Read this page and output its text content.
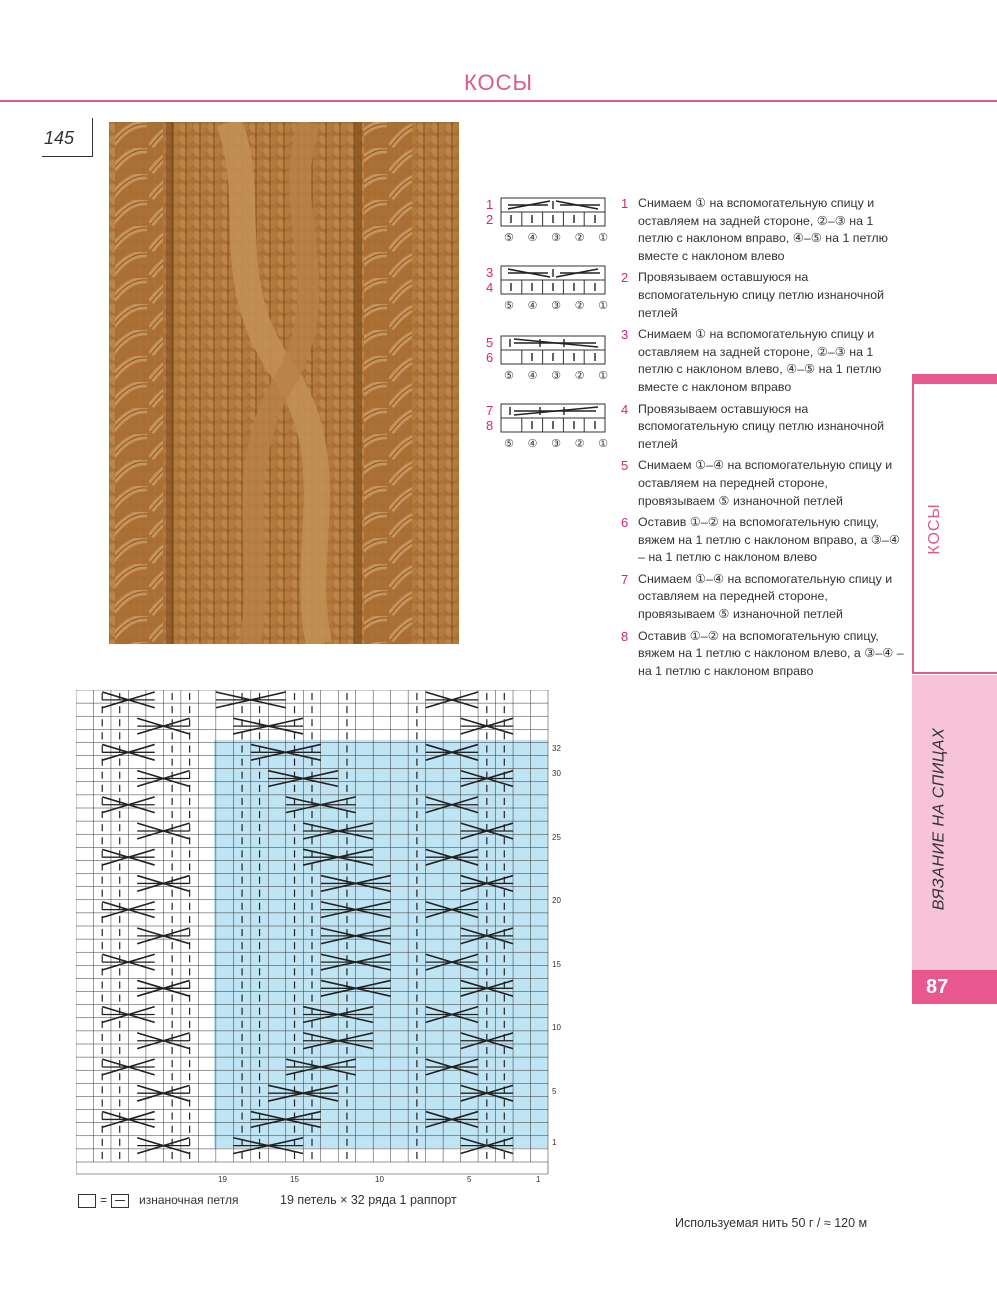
КОСЫ
145
1
2
⑤ ④ ③ ② ①
3
4
⑤ ④ ③ ② ①
5
6
⑤ ④ ③ ② ①
7
8
⑤ ④ ③ ② ①
1 Снимаем ① на вспомогательную спицу и оставляем на задней стороне, ②–③ на 1 петлю с наклоном вправо, ④–⑤ на 1 петлю вместе с наклоном влево
2 Провязываем оставшуюся на вспомогательную спицу петлю изнаночной петлей
3 Снимаем ① на вспомогательную спицу и оставляем на задней стороне, ②–③ на 1 петлю с наклоном влево, ④–⑤ на 1 петлю вместе с наклоном вправо
4 Провязываем оставшуюся на вспомогательную спицу петлю изнаночной петлей
5 Снимаем ①–④ на вспомогательную спицу и оставляем на передней стороне, провязываем ⑤ изнаночной петлей
6 Оставив ①–② на вспомогательную спицу, вяжем на 1 петлю с наклоном вправо, а ③–④ – на 1 петлю с наклоном влево
7 Снимаем ①–④ на вспомогательную спицу и оставляем на передней стороне, провязываем ⑤ изнаночной петлей
8 Оставив ①–② на вспомогательную спицу, вяжем на 1 петлю с наклоном влево, а ③–④ – на 1 петлю с наклоном вправо
КОСЫ
ВЯЗАНИЕ НА СПИЦАХ
87
32
30
25
20
15
10
5
1
19	15	10	5	1
=	изнаночная петля	19 петель × 32 ряда 1 раппорт
Используемая нить 50 г / ≈ 120 м
